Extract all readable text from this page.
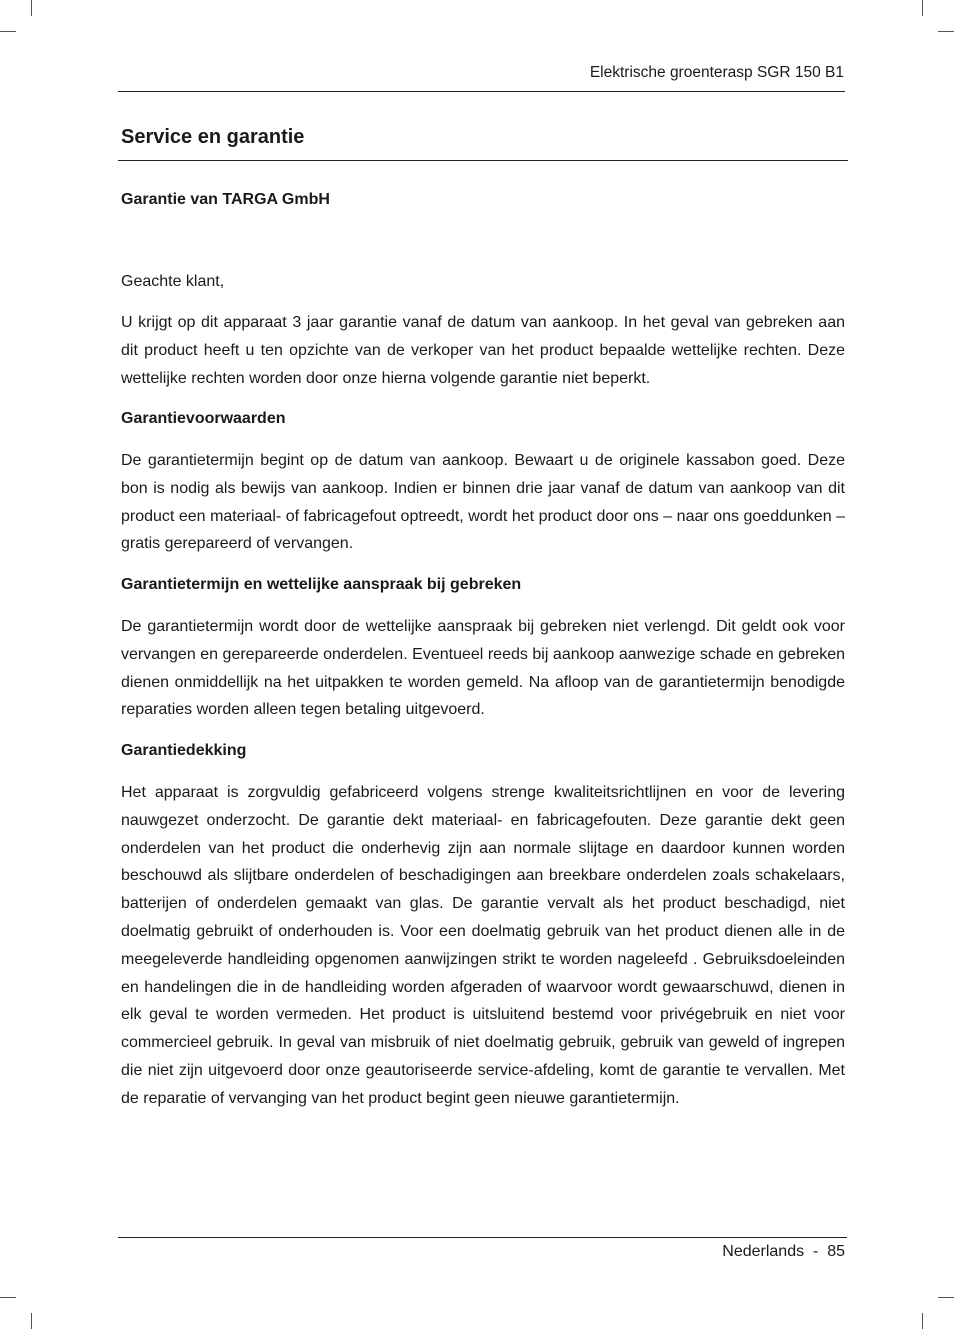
Elektrische groenterasp SGR 150 B1
Service en garantie
Garantie van TARGA GmbH
Geachte klant,
U krijgt op dit apparaat 3 jaar garantie vanaf de datum van aankoop. In het geval van gebreken aan dit product heeft u ten opzichte van de verkoper van het product bepaalde wettelijke rechten. Deze wettelijke rechten worden door onze hierna volgende garantie niet beperkt.
Garantievoorwaarden
De garantietermijn begint op de datum van aankoop. Bewaart u de originele kassabon goed. Deze bon is nodig als bewijs van aankoop. Indien er binnen drie jaar vanaf de datum van aankoop van dit product een materiaal- of fabricagefout optreedt, wordt het product door ons – naar ons goeddunken – gratis gerepareerd of vervangen.
Garantietermijn en wettelijke aanspraak bij gebreken
De garantietermijn wordt door de wettelijke aanspraak bij gebreken niet verlengd. Dit geldt ook voor vervangen en gerepareerde onderdelen. Eventueel reeds bij aankoop aanwezige schade en gebreken dienen onmiddellijk na het uitpakken te worden gemeld. Na afloop van de garantietermijn benodigde reparaties worden alleen tegen betaling uitgevoerd.
Garantiedekking
Het apparaat is zorgvuldig gefabriceerd volgens strenge kwaliteitsrichtlijnen en voor de levering nauwgezet onderzocht. De garantie dekt materiaal- en fabricagefouten. Deze garantie dekt geen onderdelen van het product die onderhevig zijn aan normale slijtage en daardoor kunnen worden beschouwd als slijtbare onderdelen of beschadigingen aan breekbare onderdelen zoals schakelaars, batterijen of onderdelen gemaakt van glas. De garantie vervalt als het product beschadigd, niet doelmatig gebruikt of onderhouden is. Voor een doelmatig gebruik van het product dienen alle in de meegeleverde handleiding opgenomen aanwijzingen strikt te worden nageleefd . Gebruiksdoeleinden en handelingen die in de handleiding worden afgeraden of waarvoor wordt gewaarschuwd, dienen in elk geval te worden vermeden. Het product is uitsluitend bestemd voor privégebruik en niet voor commercieel gebruik. In geval van misbruik of niet doelmatig gebruik, gebruik van geweld of ingrepen die niet zijn uitgevoerd door onze geautoriseerde service-afdeling, komt de garantie te vervallen. Met de reparatie of vervanging van het product begint geen nieuwe garantietermijn.
Nederlands  -  85
